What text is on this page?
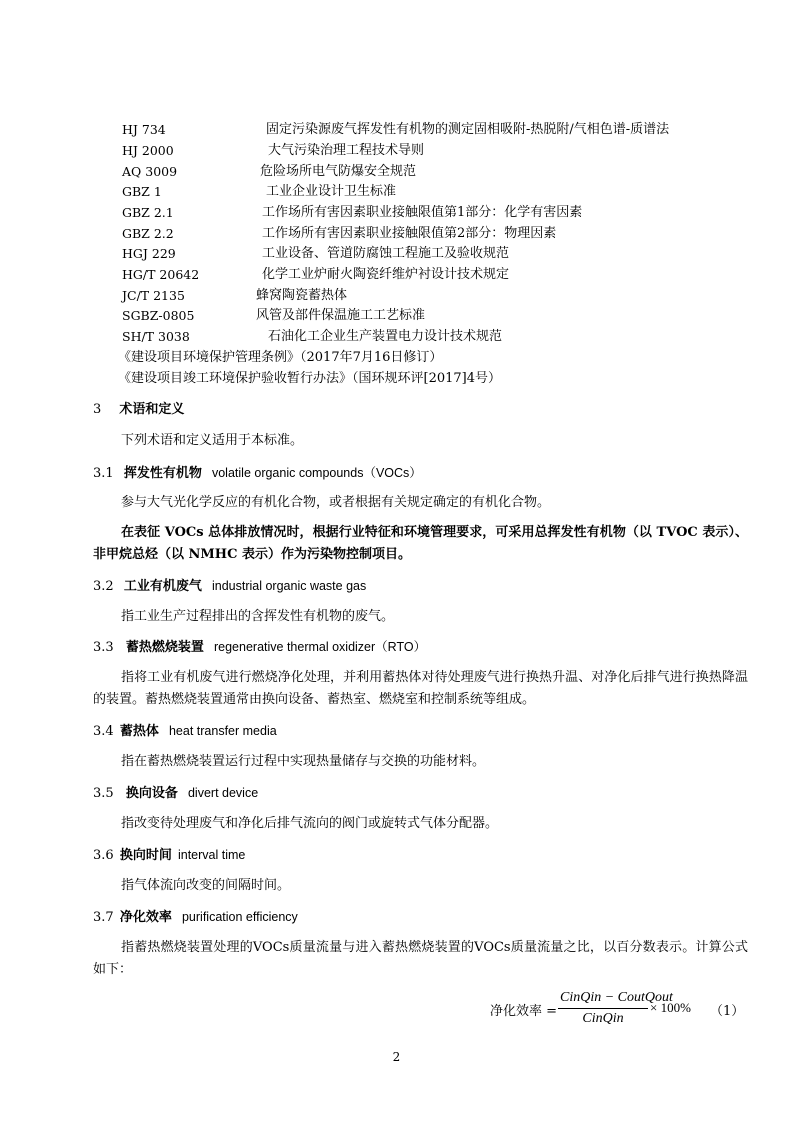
HJ 734	固定污染源废气挥发性有机物的测定固相吸附-热脱附/气相色谱-质谱法
HJ 2000	大气污染治理工程技术导则
AQ 3009	危险场所电气防爆安全规范
GBZ 1	工业企业设计卫生标准
GBZ 2.1	工作场所有害因素职业接触限值第1部分：化学有害因素
GBZ 2.2	工作场所有害因素职业接触限值第2部分：物理因素
HGJ 229	工业设备、管道防腐蚀工程施工及验收规范
HG/T 20642	化学工业炉耐火陶瓷纤维炉衬设计技术规定
JC/T 2135	蜂窝陶瓷蓄热体
SGBZ-0805	风管及部件保温施工工艺标准
SH/T 3038	石油化工企业生产装置电力设计技术规范
《建设项目环境保护管理条例》（2017年7月16日修订）
《建设项目竣工环境保护验收暂行办法》（国环规环评[2017]4号）
3 术语和定义
下列术语和定义适用于本标准。
3.1 挥发性有机物 volatile organic compounds（VOCs）
参与大气光化学反应的有机化合物，或者根据有关规定确定的有机化合物。
在表征 VOCs 总体排放情况时，根据行业特征和环境管理要求，可采用总挥发性有机物（以 TVOC 表示）、非甲烷总烃（以 NMHC 表示）作为污染物控制项目。
3.2 工业有机废气 industrial organic waste gas
指工业生产过程排出的含挥发性有机物的废气。
3.3 蓄热燃烧装置 regenerative thermal oxidizer（RTO）
指将工业有机废气进行燃烧净化处理，并利用蓄热体对待处理废气进行换热升温、对净化后排气进行换热降温的装置。蓄热燃烧装置通常由换向设备、蓄热室、燃烧室和控制系统等组成。
3.4 蓄热体 heat transfer media
指在蓄热燃烧装置运行过程中实现热量储存与交换的功能材料。
3.5 换向设备 divert device
指改变待处理废气和净化后排气流向的阀门或旋转式气体分配器。
3.6 换向时间 interval time
指气体流向改变的间隔时间。
3.7 净化效率 purification efficiency
指蓄热燃烧装置处理的VOCs质量流量与进入蓄热燃烧装置的VOCs质量流量之比，以百分数表示。计算公式如下：
净化效率 =
CinQin − CoutQout
CinQin
× 100% （1）
2
